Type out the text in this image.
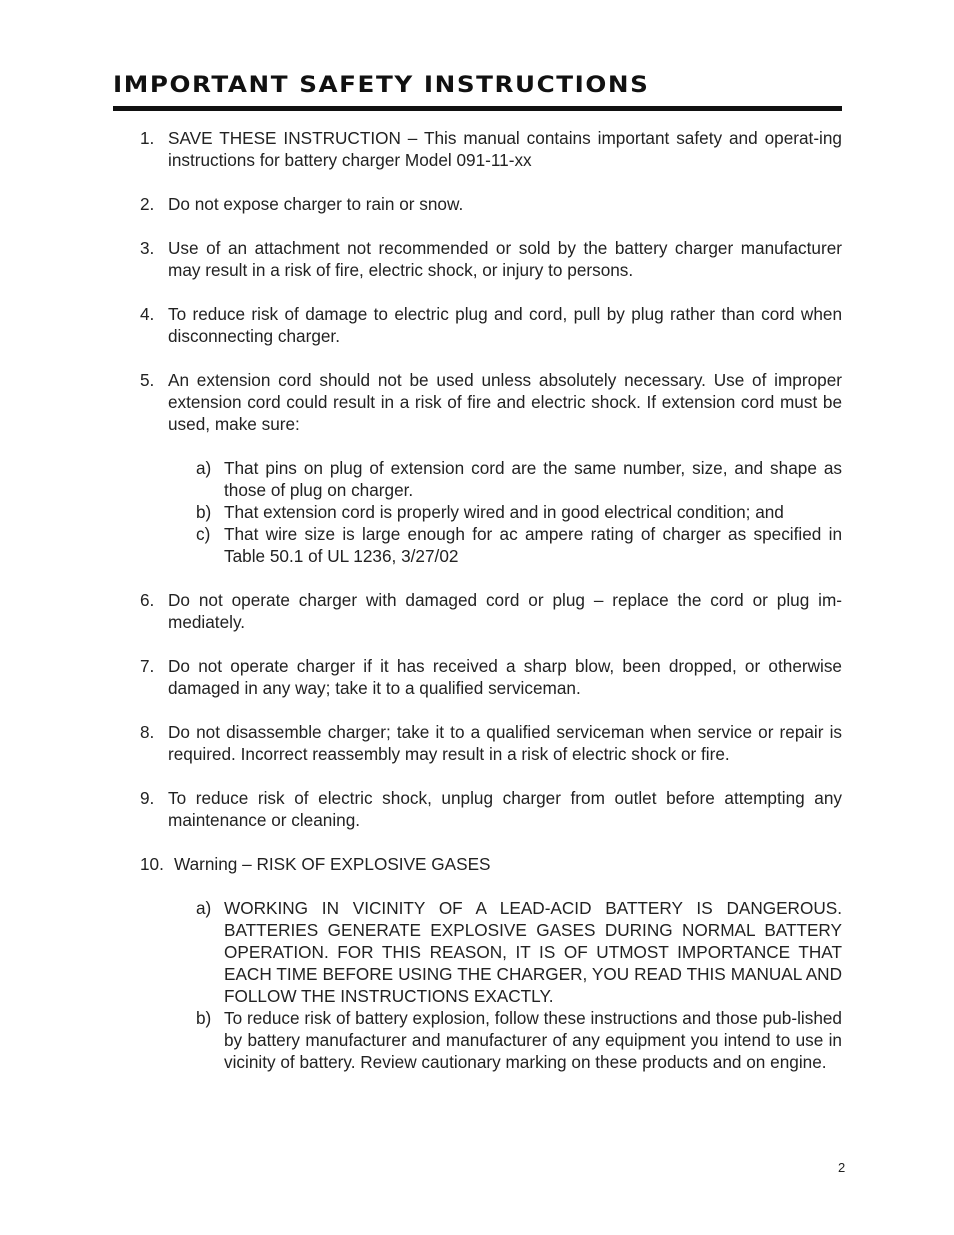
IMPORTANT SAFETY INSTRUCTIONS
1. SAVE THESE INSTRUCTION – This manual contains important safety and operat-ing instructions for battery charger Model 091-11-xx
2. Do not expose charger to rain or snow.
3. Use of an attachment not recommended or sold by the battery charger manufacturer may result in a risk of fire, electric shock, or injury to persons.
4. To reduce risk of damage to electric plug and cord, pull by plug rather than cord when disconnecting charger.
5. An extension cord should not be used unless absolutely necessary. Use of improper extension cord could result in a risk of fire and electric shock. If extension cord must be used, make sure:
a) That pins on plug of extension cord are the same number, size, and shape as those of plug on charger.
b) That extension cord is properly wired and in good electrical condition; and
c) That wire size is large enough for ac ampere rating of charger as specified in Table 50.1 of UL 1236, 3/27/02
6. Do not operate charger with damaged cord or plug – replace the cord or plug im-mediately.
7. Do not operate charger if it has received a sharp blow, been dropped, or otherwise damaged in any way; take it to a qualified serviceman.
8. Do not disassemble charger; take it to a qualified serviceman when service or repair is required. Incorrect reassembly may result in a risk of electric shock or fire.
9. To reduce risk of electric shock, unplug charger from outlet before attempting any maintenance or cleaning.
10. Warning – RISK OF EXPLOSIVE GASES
a) WORKING IN VICINITY OF A LEAD-ACID BATTERY IS DANGEROUS. BATTERIES GENERATE EXPLOSIVE GASES DURING NORMAL BATTERY OPERATION. FOR THIS REASON, IT IS OF UTMOST IMPORTANCE THAT EACH TIME BEFORE USING THE CHARGER, YOU READ THIS MANUAL AND FOLLOW THE INSTRUCTIONS EXACTLY.
b) To reduce risk of battery explosion, follow these instructions and those pub-lished by battery manufacturer and manufacturer of any equipment you intend to use in vicinity of battery. Review cautionary marking on these products and on engine.
2
